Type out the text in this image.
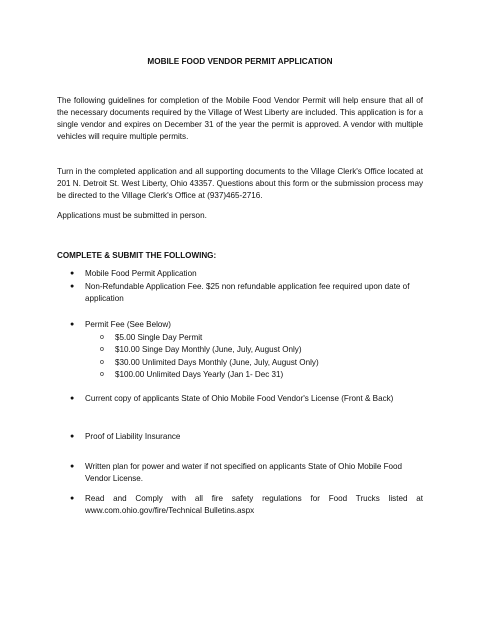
MOBILE FOOD VENDOR PERMIT APPLICATION
The following guidelines for completion of the Mobile Food Vendor Permit will help ensure that all of the necessary documents required by the Village of West Liberty are included. This application is for a single vendor and expires on December 31 of the year the permit is approved. A vendor with multiple vehicles will require multiple permits.
Turn in the completed application and all supporting documents to the Village Clerk's Office located at 201 N. Detroit St. West Liberty, Ohio 43357. Questions about this form or the submission process may be directed to the Village Clerk's Office at (937)465-2716.
Applications must be submitted in person.
COMPLETE & SUBMIT THE FOLLOWING:
● Mobile Food Permit Application
● Non-Refundable Application Fee. $25 non refundable application fee required upon date of application
● Permit Fee (See Below)
o $5.00 Single Day Permit
o $10.00 Singe Day Monthly (June, July, August Only)
o $30.00 Unlimited Days Monthly (June, July, August Only)
o $100.00 Unlimited Days Yearly (Jan 1- Dec 31)
● Current copy of applicants State of Ohio Mobile Food Vendor's License (Front & Back)
● Proof of Liability Insurance
● Written plan for power and water if not specified on applicants State of Ohio Mobile Food Vendor License.
● Read and Comply with all fire safety regulations for Food Trucks listed at www.com.ohio.gov/fire/Technical Bulletins.aspx
